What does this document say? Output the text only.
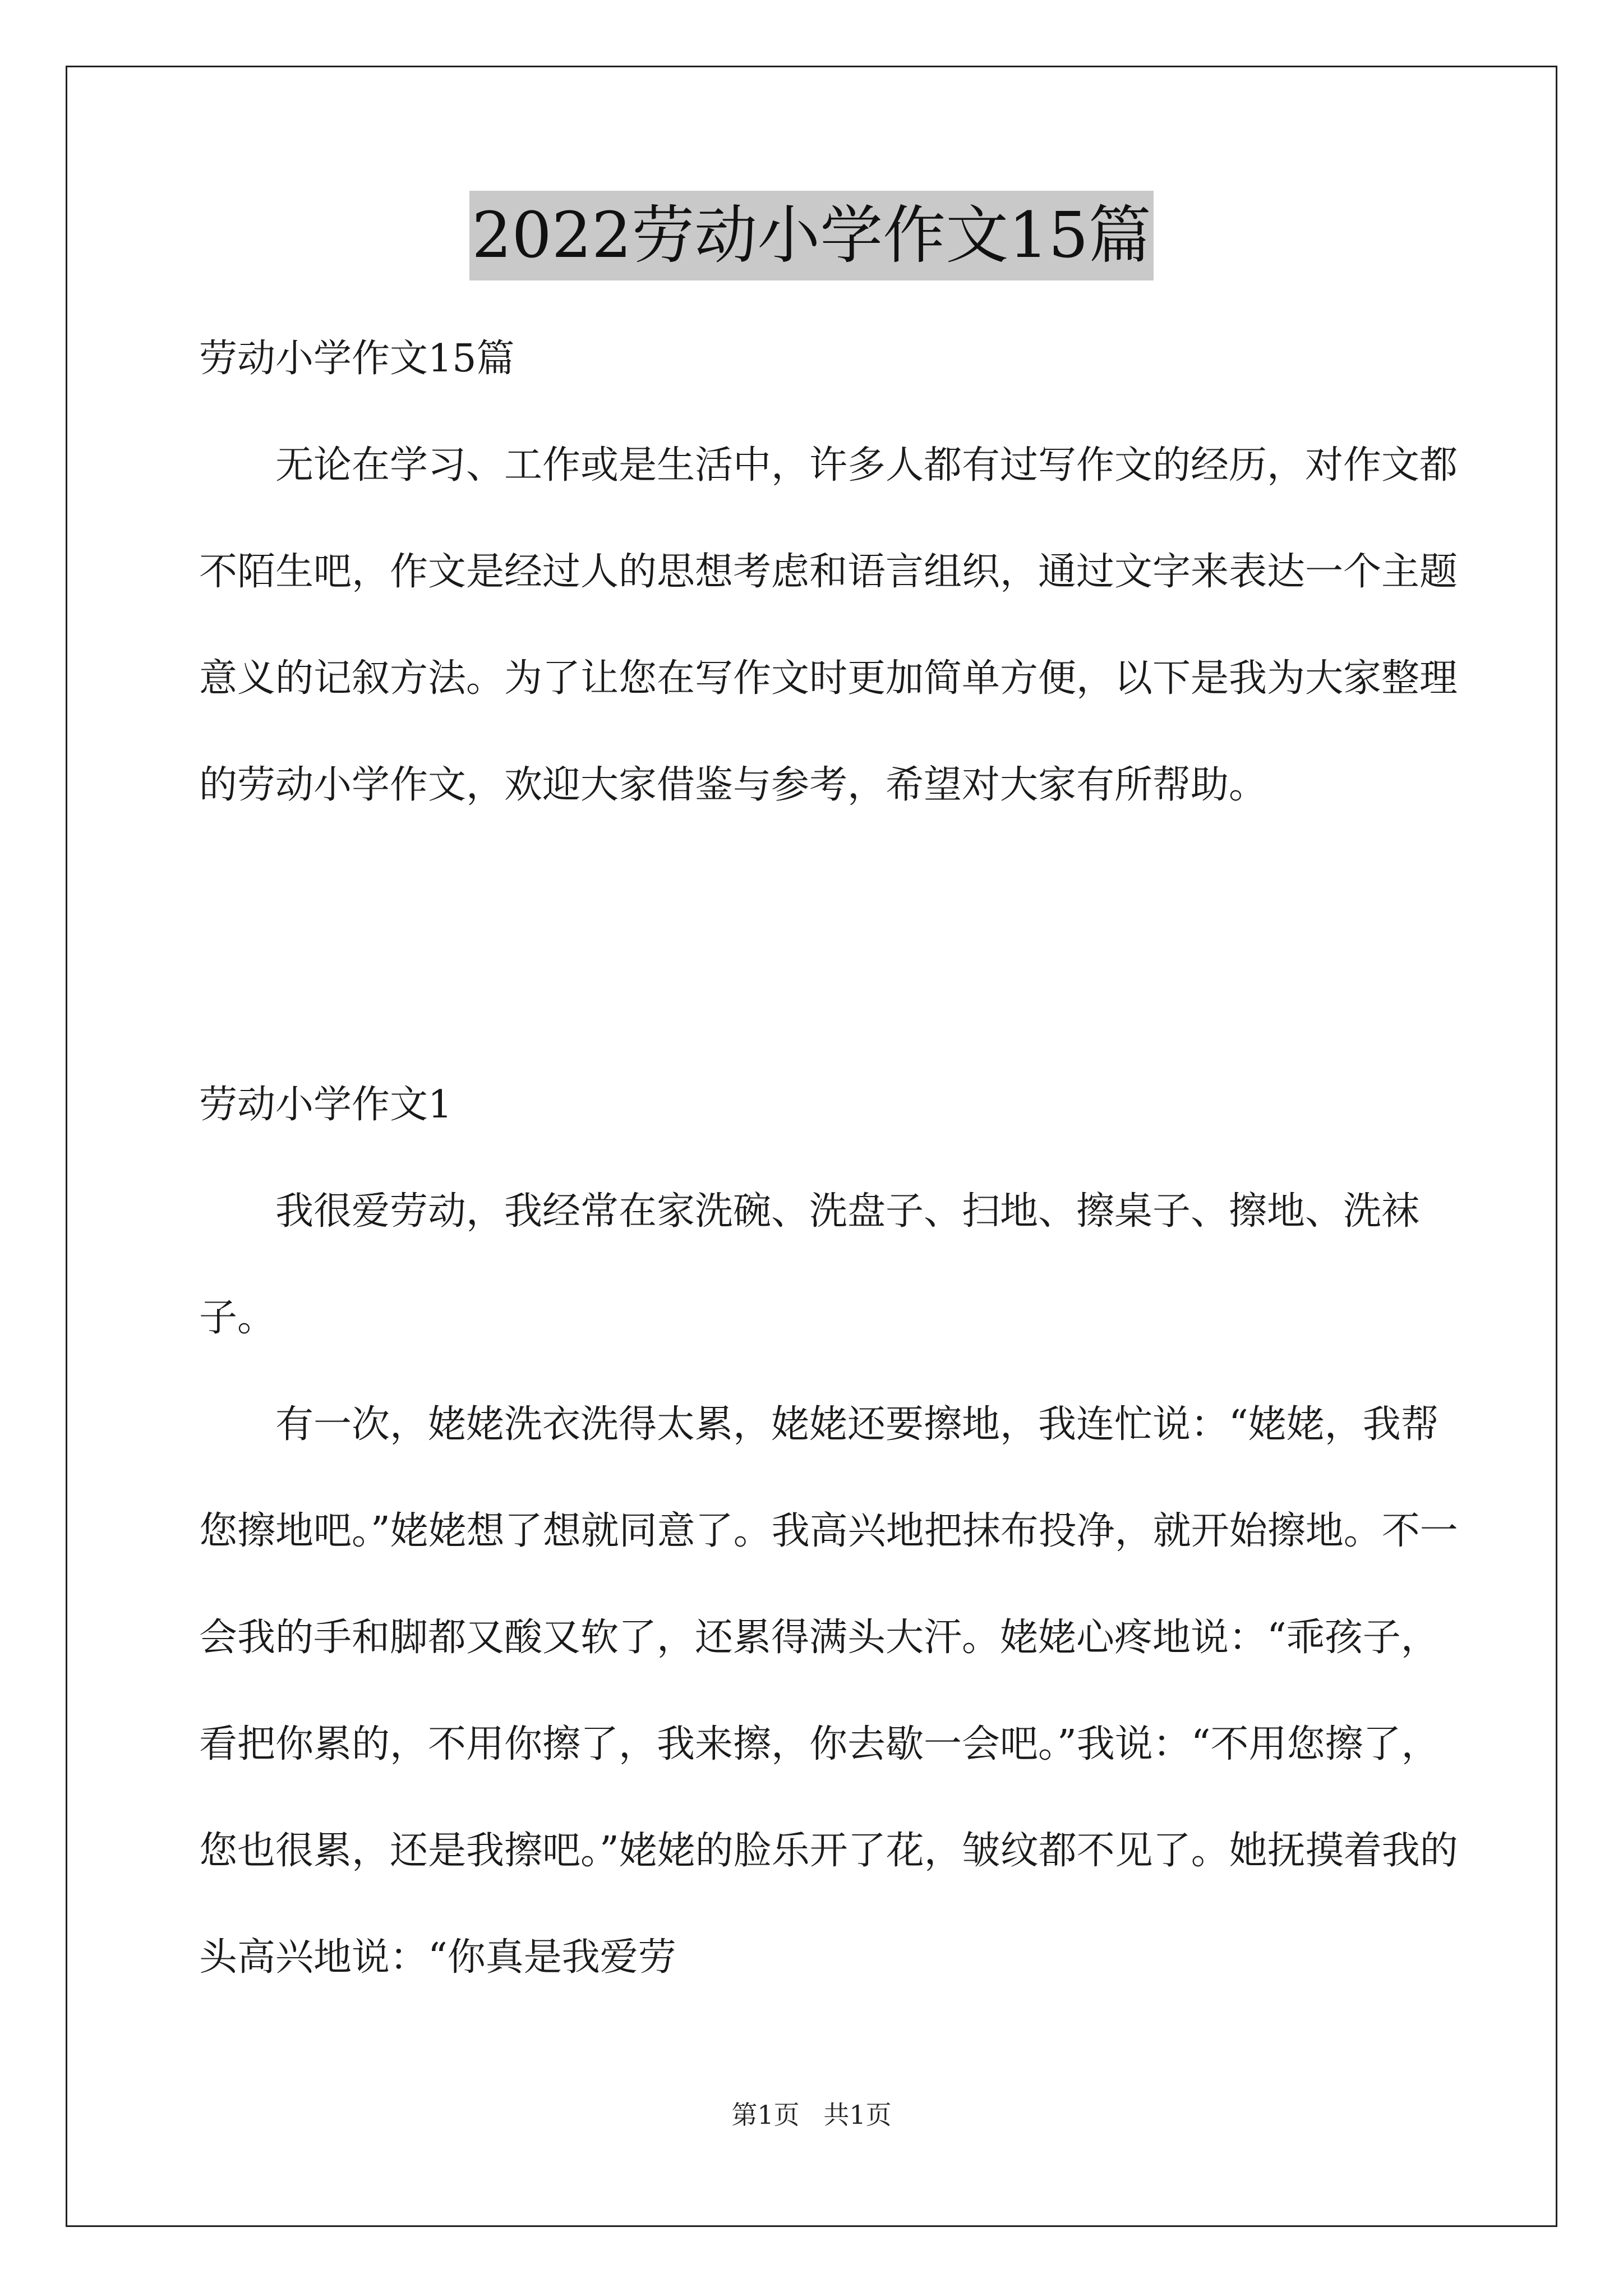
2022劳动小学作文15篇

劳动小学作文15篇

无论在学习、工作或是生活中，许多人都有过写作文的经历，对作文都不陌生吧，作文是经过人的思想考虑和语言组织，通过文字来表达一个主题意义的记叙方法。为了让您在写作文时更加简单方便，以下是我为大家整理的劳动小学作文，欢迎大家借鉴与参考，希望对大家有所帮助。

劳动小学作文1

我很爱劳动，我经常在家洗碗、洗盘子、扫地、擦桌子、擦地、洗袜子。

有一次，姥姥洗衣洗得太累，姥姥还要擦地，我连忙说：“姥姥，我帮您擦地吧。”姥姥想了想就同意了。我高兴地把抹布投净，就开始擦地。不一会我的手和脚都又酸又软了，还累得满头大汗。姥姥心疼地说：“乖孩子，看把你累的，不用你擦了，我来擦，你去歇一会吧。”我说：“不用您擦了，您也很累，还是我擦吧。”姥姥的脸乐开了花，皱纹都不见了。她抚摸着我的头高兴地说：“你真是我爱劳

第1页 共1页
